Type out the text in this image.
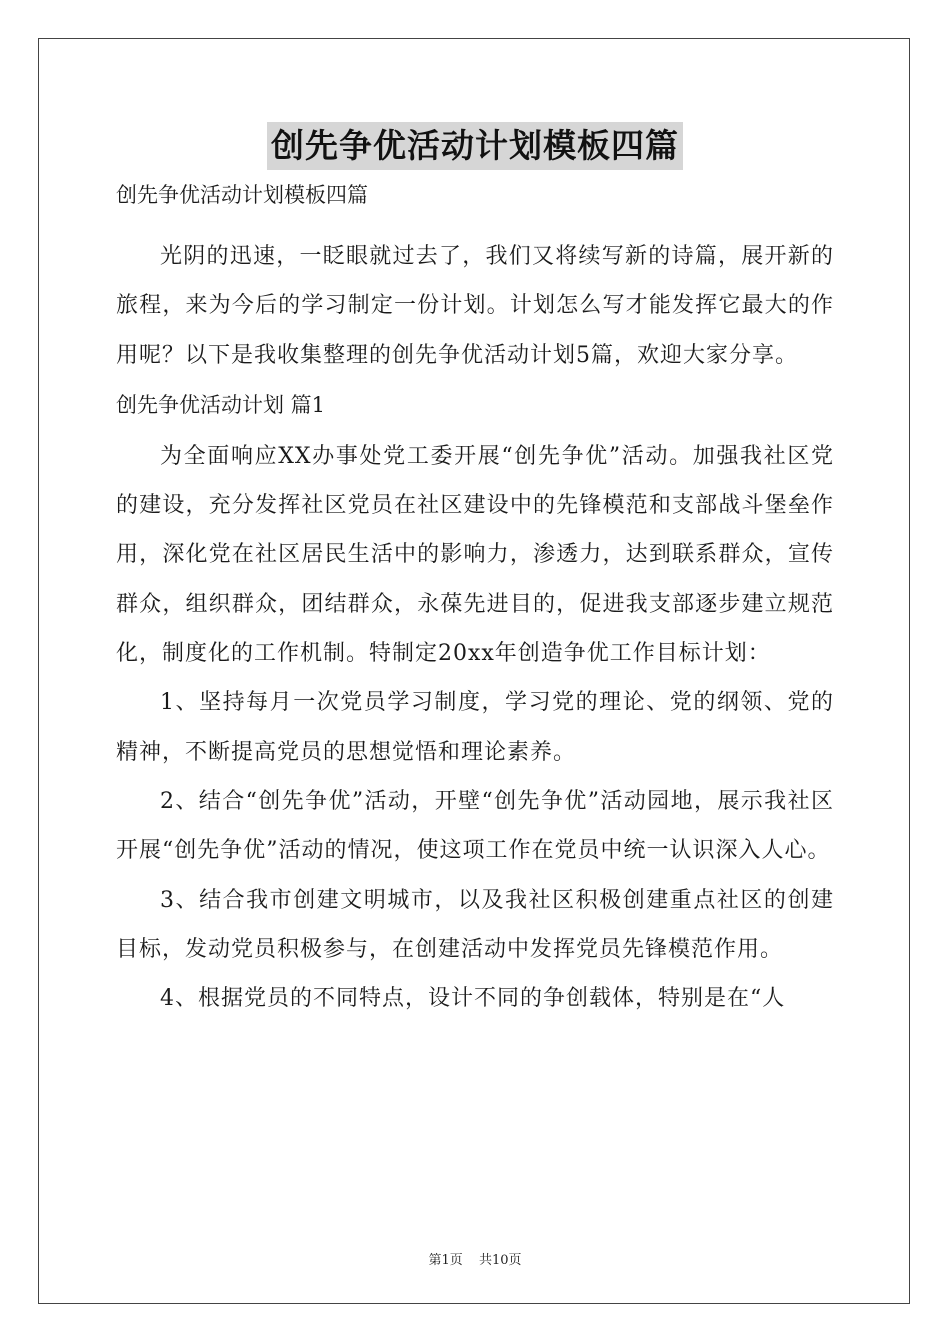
创先争优活动计划模板四篇

创先争优活动计划模板四篇

光阴的迅速，一眨眼就过去了，我们又将续写新的诗篇，展开新的旅程，来为今后的学习制定一份计划。计划怎么写才能发挥它最大的作用呢？以下是我收集整理的创先争优活动计划5篇，欢迎大家分享。

创先争优活动计划 篇1

为全面响应XX办事处党工委开展“创先争优”活动。加强我社区党的建设，充分发挥社区党员在社区建设中的先锋模范和支部战斗堡垒作用，深化党在社区居民生活中的影响力，渗透力，达到联系群众，宣传群众，组织群众，团结群众，永葆先进目的，促进我支部逐步建立规范化，制度化的工作机制。特制定20xx年创造争优工作目标计划：

1、坚持每月一次党员学习制度，学习党的理论、党的纲领、党的精神，不断提高党员的思想觉悟和理论素养。

2、结合“创先争优”活动，开壁“创先争优”活动园地，展示我社区开展“创先争优”活动的情况，使这项工作在党员中统一认识深入人心。

3、结合我市创建文明城市，以及我社区积极创建重点社区的创建目标，发动党员积极参与，在创建活动中发挥党员先锋模范作用。

4、根据党员的不同特点，设计不同的争创载体，特别是在“人

第1页 共10页
